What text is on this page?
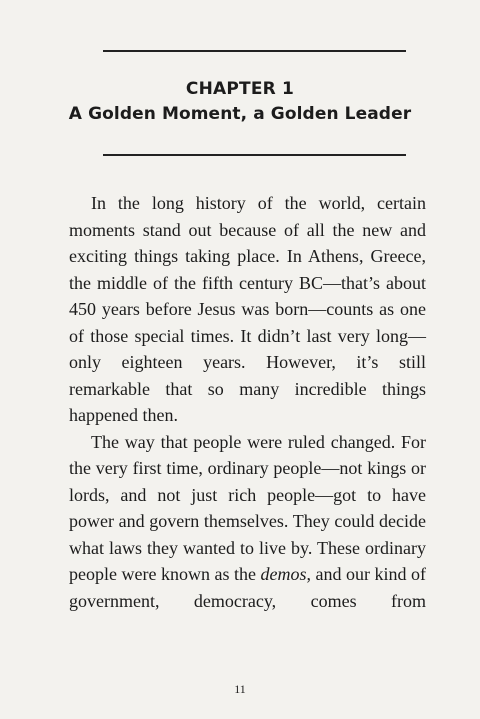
CHAPTER 1
A Golden Moment, a Golden Leader

In the long history of the world, certain moments stand out because of all the new and exciting things taking place. In Athens, Greece, the middle of the fifth century BC—that’s about 450 years before Jesus was born—counts as one of those special times. It didn’t last very long—only eighteen years. However, it’s still remarkable that so many incredible things happened then.

The way that people were ruled changed. For the very first time, ordinary people—not kings or lords, and not just rich people—got to have power and govern themselves. They could decide what laws they wanted to live by. These ordinary people were known as the demos, and our kind of government, democracy, comes from

11
